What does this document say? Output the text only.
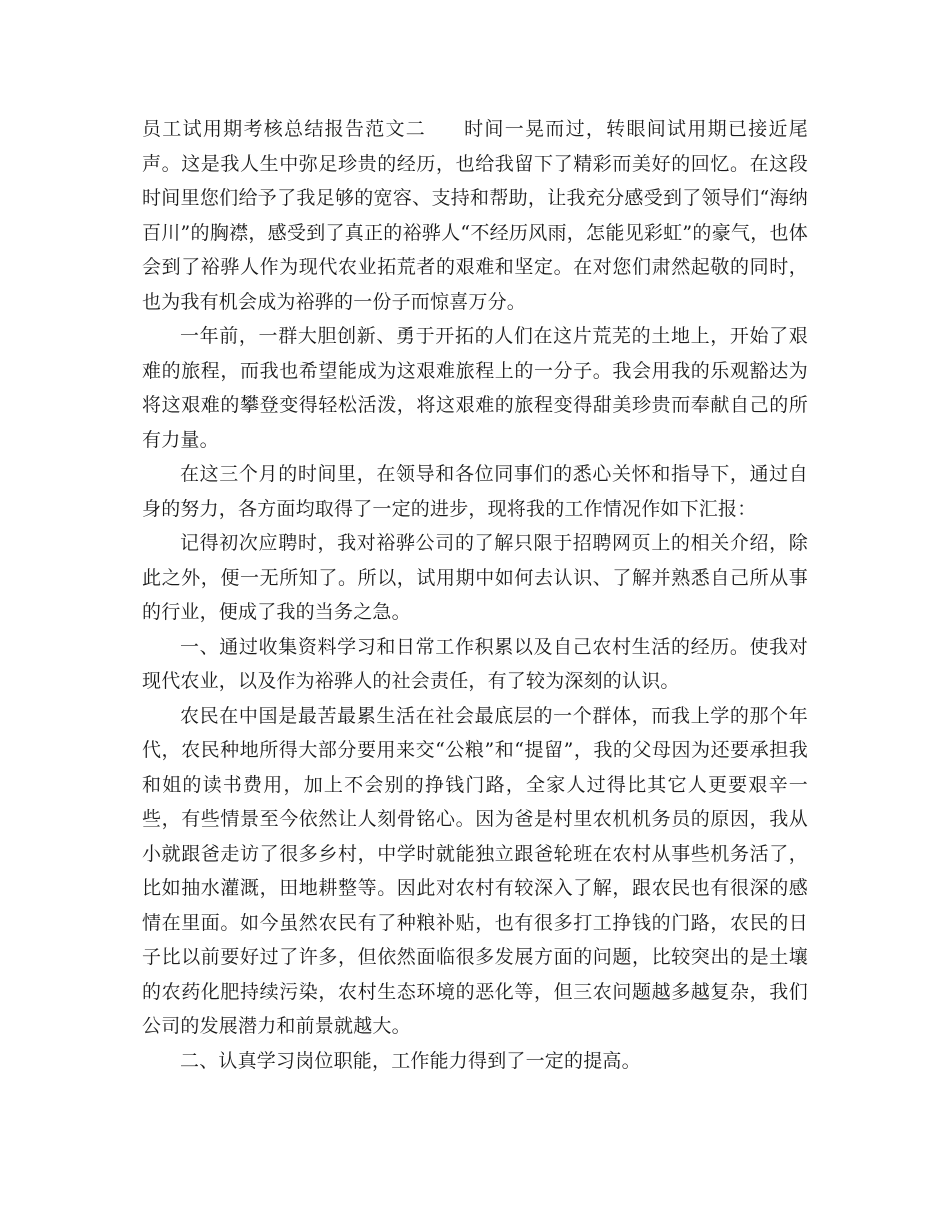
员工试用期考核总结报告范文二 时间一晃而过，转眼间试用期已接近尾声。这是我人生中弥足珍贵的经历，也给我留下了精彩而美好的回忆。在这段时间里您们给予了我足够的宽容、支持和帮助，让我充分感受到了领导们“海纳百川”的胸襟，感受到了真正的裕骅人“不经历风雨，怎能见彩虹”的豪气，也体会到了裕骅人作为现代农业拓荒者的艰难和坚定。在对您们肃然起敬的同时，也为我有机会成为裕骅的一份子而惊喜万分。

一年前，一群大胆创新、勇于开拓的人们在这片荒芜的土地上，开始了艰难的旅程，而我也希望能成为这艰难旅程上的一分子。我会用我的乐观豁达为将这艰难的攀登变得轻松活泼，将这艰难的旅程变得甜美珍贵而奉献自己的所有力量。

在这三个月的时间里，在领导和各位同事们的悉心关怀和指导下，通过自身的努力，各方面均取得了一定的进步，现将我的工作情况作如下汇报：

记得初次应聘时，我对裕骅公司的了解只限于招聘网页上的相关介绍，除此之外，便一无所知了。所以，试用期中如何去认识、了解并熟悉自己所从事的行业，便成了我的当务之急。

一、通过收集资料学习和日常工作积累以及自己农村生活的经历。使我对现代农业，以及作为裕骅人的社会责任，有了较为深刻的认识。

农民在中国是最苦最累生活在社会最底层的一个群体，而我上学的那个年代，农民种地所得大部分要用来交“公粮”和“提留”，我的父母因为还要承担我和姐的读书费用，加上不会别的挣钱门路，全家人过得比其它人更要艰辛一些，有些情景至今依然让人刻骨铭心。因为爸是村里农机机务员的原因，我从小就跟爸走访了很多乡村，中学时就能独立跟爸轮班在农村从事些机务活了，比如抽水灌溉，田地耕整等。因此对农村有较深入了解，跟农民也有很深的感情在里面。如今虽然农民有了种粮补贴，也有很多打工挣钱的门路，农民的日子比以前要好过了许多，但依然面临很多发展方面的问题，比较突出的是土壤的农药化肥持续污染，农村生态环境的恶化等，但三农问题越多越复杂，我们公司的发展潜力和前景就越大。

二、认真学习岗位职能，工作能力得到了一定的提高。
